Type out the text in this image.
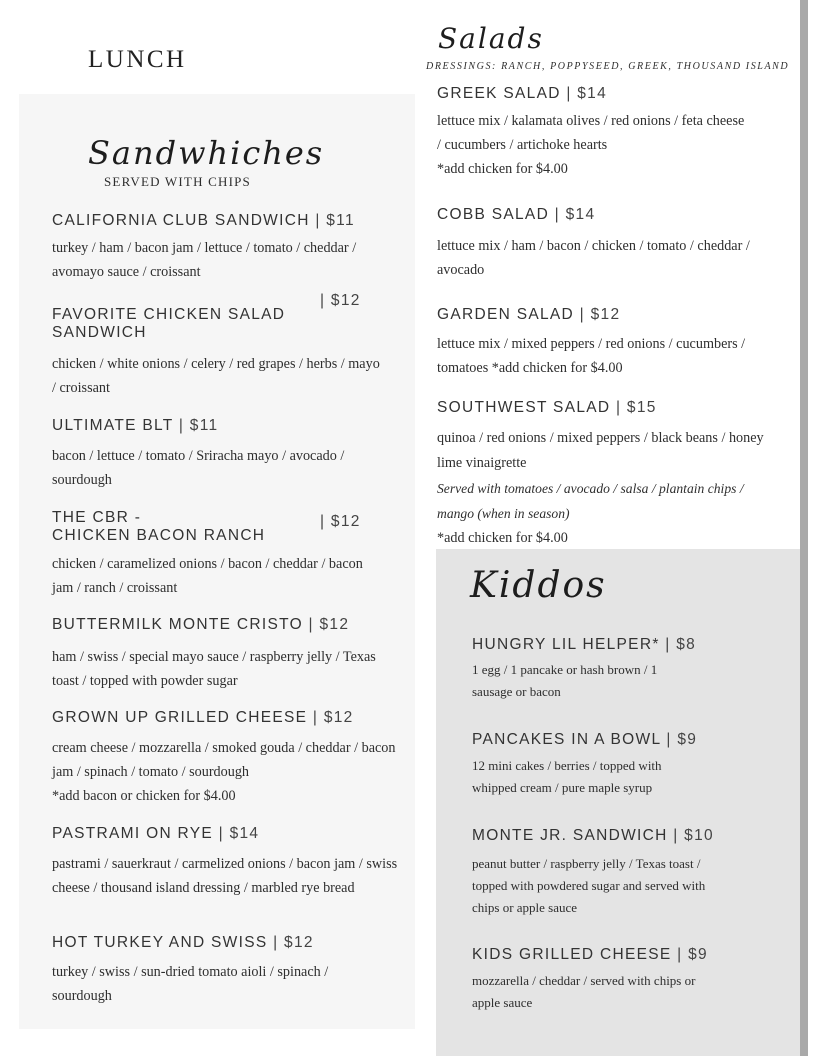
LUNCH
Sandwhiches
SERVED WITH CHIPS
CALIFORNIA CLUB SANDWICH | $11
turkey / ham / bacon jam / lettuce / tomato / cheddar / avomayo sauce / croissant
FAVORITE CHICKEN SALAD
SANDWICH
| $12
chicken / white onions / celery / red grapes / herbs / mayo / croissant
ULTIMATE BLT | $11
bacon / lettuce / tomato / Sriracha mayo / avocado / sourdough
THE CBR -
CHICKEN BACON RANCH
| $12
chicken / caramelized onions / bacon / cheddar / bacon jam / ranch / croissant
BUTTERMILK MONTE CRISTO | $12
ham / swiss / special mayo sauce / raspberry jelly / Texas toast / topped with powder sugar
GROWN UP GRILLED CHEESE | $12
cream cheese / mozzarella / smoked gouda / cheddar / bacon jam / spinach / tomato / sourdough
*add bacon or chicken for $4.00
PASTRAMI ON RYE | $14
pastrami / sauerkraut / carmelized onions / bacon jam / swiss cheese / thousand island dressing / marbled rye bread
HOT TURKEY AND SWISS | $12
turkey / swiss / sun-dried tomato aioli / spinach / sourdough
Salads
DRESSINGS: RANCH, POPPYSEED, GREEK, THOUSAND ISLAND
GREEK SALAD | $14
lettuce mix / kalamata olives / red onions / feta cheese / cucumbers / artichoke hearts
*add chicken for $4.00
COBB SALAD | $14
lettuce mix / ham / bacon / chicken / tomato / cheddar / avocado
GARDEN SALAD | $12
lettuce mix / mixed peppers / red onions / cucumbers / tomatoes *add chicken for $4.00
SOUTHWEST SALAD | $15
quinoa / red onions / mixed peppers / black beans / honey lime vinaigrette
Served with tomatoes / avocado / salsa / plantain chips / mango (when in season)
*add chicken for $4.00
Kiddos
HUNGRY LIL HELPER* | $8
1 egg / 1 pancake or hash brown / 1 sausage or bacon
PANCAKES IN A BOWL | $9
12 mini cakes / berries / topped with whipped cream / pure maple syrup
MONTE JR. SANDWICH | $10
peanut butter / raspberry jelly / Texas toast / topped with powdered sugar and served with chips or apple sauce
KIDS GRILLED CHEESE | $9
mozzarella / cheddar / served with chips or apple sauce
